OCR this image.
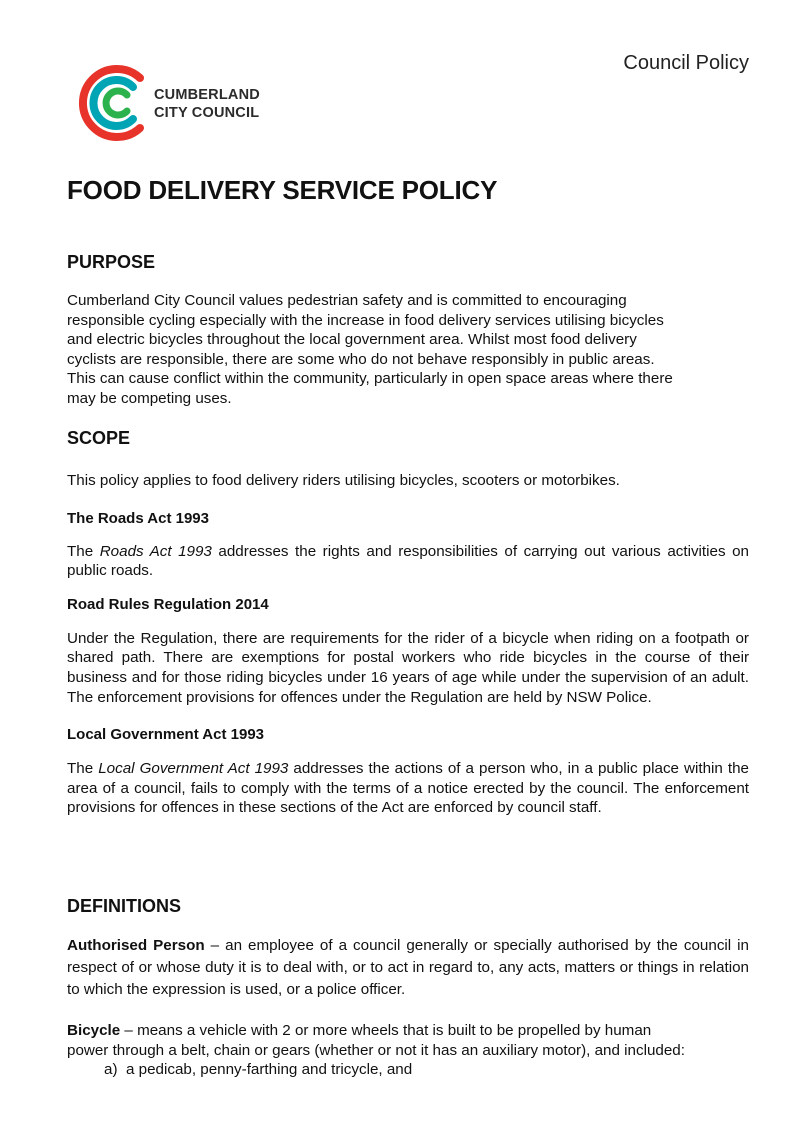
Council Policy
CUMBERLAND
CITY COUNCIL
FOOD DELIVERY SERVICE POLICY
PURPOSE
Cumberland City Council values pedestrian safety and is committed to encouraging
responsible cycling especially with the increase in food delivery services utilising bicycles
and electric bicycles throughout the local government area. Whilst most food delivery
cyclists are responsible, there are some who do not behave responsibly in public areas.
This can cause conflict within the community, particularly in open space areas where there
may be competing uses.
SCOPE

This policy applies to food delivery riders utilising bicycles, scooters or motorbikes.

The Roads Act 1993

The Roads Act 1993 addresses the rights and responsibilities of carrying out various activities on public roads.

Road Rules Regulation 2014

Under the Regulation, there are requirements for the rider of a bicycle when riding on a footpath or shared path. There are exemptions for postal workers who ride bicycles in the course of their business and for those riding bicycles under 16 years of age while under the supervision of an adult. The enforcement provisions for offences under the Regulation are held by NSW Police.

Local Government Act 1993

The Local Government Act 1993 addresses the actions of a person who, in a public place within the area of a council, fails to comply with the terms of a notice erected by the council. The enforcement provisions for offences in these sections of the Act are enforced by council staff.

DEFINITIONS

Authorised Person – an employee of a council generally or specially authorised by the council in respect of or whose duty it is to deal with, or to act in regard to, any acts, matters or things in relation to which the expression is used, or a police officer.

Bicycle – means a vehicle with 2 or more wheels that is built to be propelled by human
power through a belt, chain or gears (whether or not it has an auxiliary motor), and included:
a) a pedicab, penny-farthing and tricycle, and
